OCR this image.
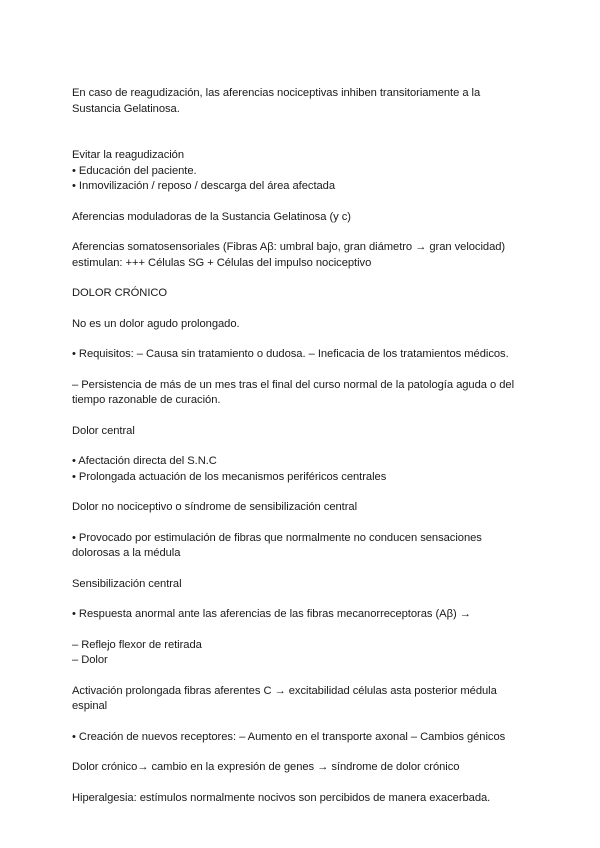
En caso de reagudización, las aferencias nociceptivas inhiben transitoriamente a la Sustancia Gelatinosa.

Evitar la reagudización

• Educación del paciente.
• Inmovilización / reposo / descarga del área afectada

Aferencias moduladoras de la Sustancia Gelatinosa (y c)

Aferencias somatosensoriales (Fibras Aβ: umbral bajo, gran diámetro → gran velocidad) estimulan: +++ Células SG + Células del impulso nociceptivo

DOLOR CRÓNICO

No es un dolor agudo prolongado.

• Requisitos: – Causa sin tratamiento o dudosa. – Ineficacia de los tratamientos médicos.

– Persistencia de más de un mes tras el final del curso normal de la patología aguda o del tiempo razonable de curación.

Dolor central

• Afectación directa del S.N.C
• Prolongada actuación de los mecanismos periféricos centrales

Dolor no nociceptivo o síndrome de sensibilización central

• Provocado por estimulación de fibras que normalmente no conducen sensaciones dolorosas a la médula

Sensibilización central

• Respuesta anormal ante las aferencias de las fibras mecanorreceptoras (Aβ) →

– Reflejo flexor de retirada
– Dolor

Activación prolongada fibras aferentes C → excitabilidad células asta posterior médula espinal

• Creación de nuevos receptores: – Aumento en el transporte axonal – Cambios génicos

Dolor crónico→ cambio en la expresión de genes → síndrome de dolor crónico

Hiperalgesia: estímulos normalmente nocivos son percibidos de manera exacerbada.
